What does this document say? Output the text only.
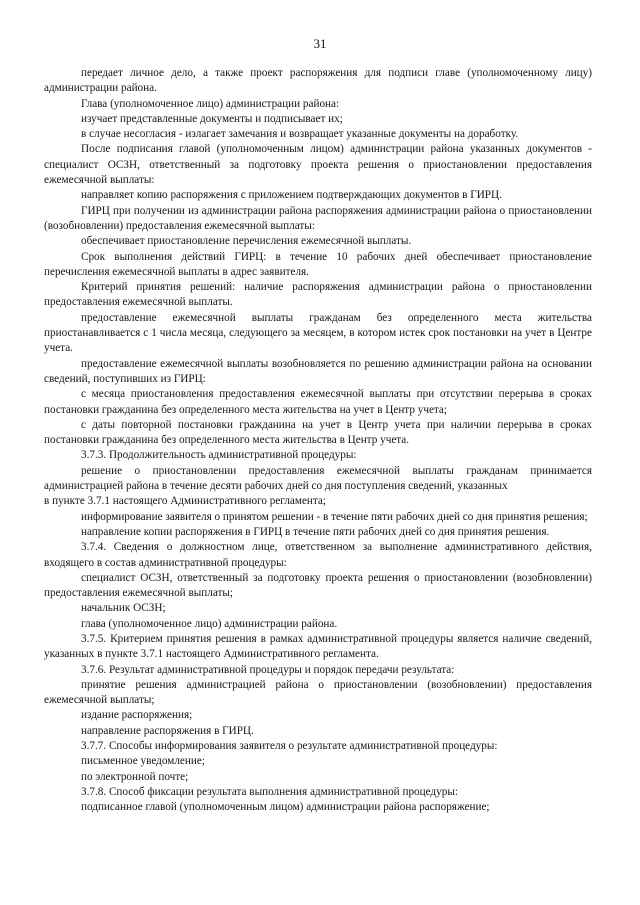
31

передает личное дело, а также проект распоряжения для подписи главе (уполномоченному лицу) администрации района.

Глава (уполномоченное лицо) администрации района:

изучает представленные документы и подписывает их;

в случае несогласия - излагает замечания и возвращает указанные документы на доработку.

После подписания главой (уполномоченным лицом) администрации района указанных документов - специалист ОСЗН, ответственный за подготовку проекта решения о приостановлении предоставления ежемесячной выплаты:

направляет копию распоряжения с приложением подтверждающих документов в ГИРЦ.

ГИРЦ при получении из администрации района распоряжения администрации района о приостановлении (возобновлении) предоставления ежемесячной выплаты:

обеспечивает приостановление перечисления ежемесячной выплаты.

Срок выполнения действий ГИРЦ: в течение 10 рабочих дней обеспечивает приостановление перечисления ежемесячной выплаты в адрес заявителя.

Критерий принятия решений: наличие распоряжения администрации района о приостановлении предоставления ежемесячной выплаты.

предоставление ежемесячной выплаты гражданам без определенного места жительства приостанавливается с 1 числа месяца, следующего за месяцем, в котором истек срок постановки на учет в Центре учета.

предоставление ежемесячной выплаты возобновляется по решению администрации района на основании сведений, поступивших из ГИРЦ:

с месяца приостановления предоставления ежемесячной выплаты при отсутствии перерыва в сроках постановки гражданина без определенного места жительства на учет в Центр учета;

с даты повторной постановки гражданина на учет в Центр учета при наличии перерыва в сроках постановки гражданина без определенного места жительства в Центр учета.

3.7.3. Продолжительность административной процедуры:

решение о приостановлении предоставления ежемесячной выплаты гражданам принимается администрацией района в течение десяти рабочих дней со дня поступления сведений, указанных

в пункте 3.7.1 настоящего Административного регламента;

информирование заявителя о принятом решении - в течение пяти рабочих дней со дня принятия решения;

направление копии распоряжения в ГИРЦ в течение пяти рабочих дней со дня принятия решения.

3.7.4. Сведения о должностном лице, ответственном за выполнение административного действия, входящего в состав административной процедуры:

специалист ОСЗН, ответственный за подготовку проекта решения о приостановлении (возобновлении) предоставления ежемесячной выплаты;

начальник ОСЗН;

глава (уполномоченное лицо) администрации района.

3.7.5. Критерием принятия решения в рамках административной процедуры является наличие сведений, указанных в пункте 3.7.1 настоящего Административного регламента.

3.7.6. Результат административной процедуры и порядок передачи результата:

принятие решения администрацией района о приостановлении (возобновлении) предоставления ежемесячной выплаты;

издание распоряжения;

направление распоряжения в ГИРЦ.

3.7.7. Способы информирования заявителя о результате административной процедуры:

письменное уведомление;

по электронной почте;

3.7.8. Способ фиксации результата выполнения административной процедуры:

подписанное главой (уполномоченным лицом) администрации района распоряжение;
